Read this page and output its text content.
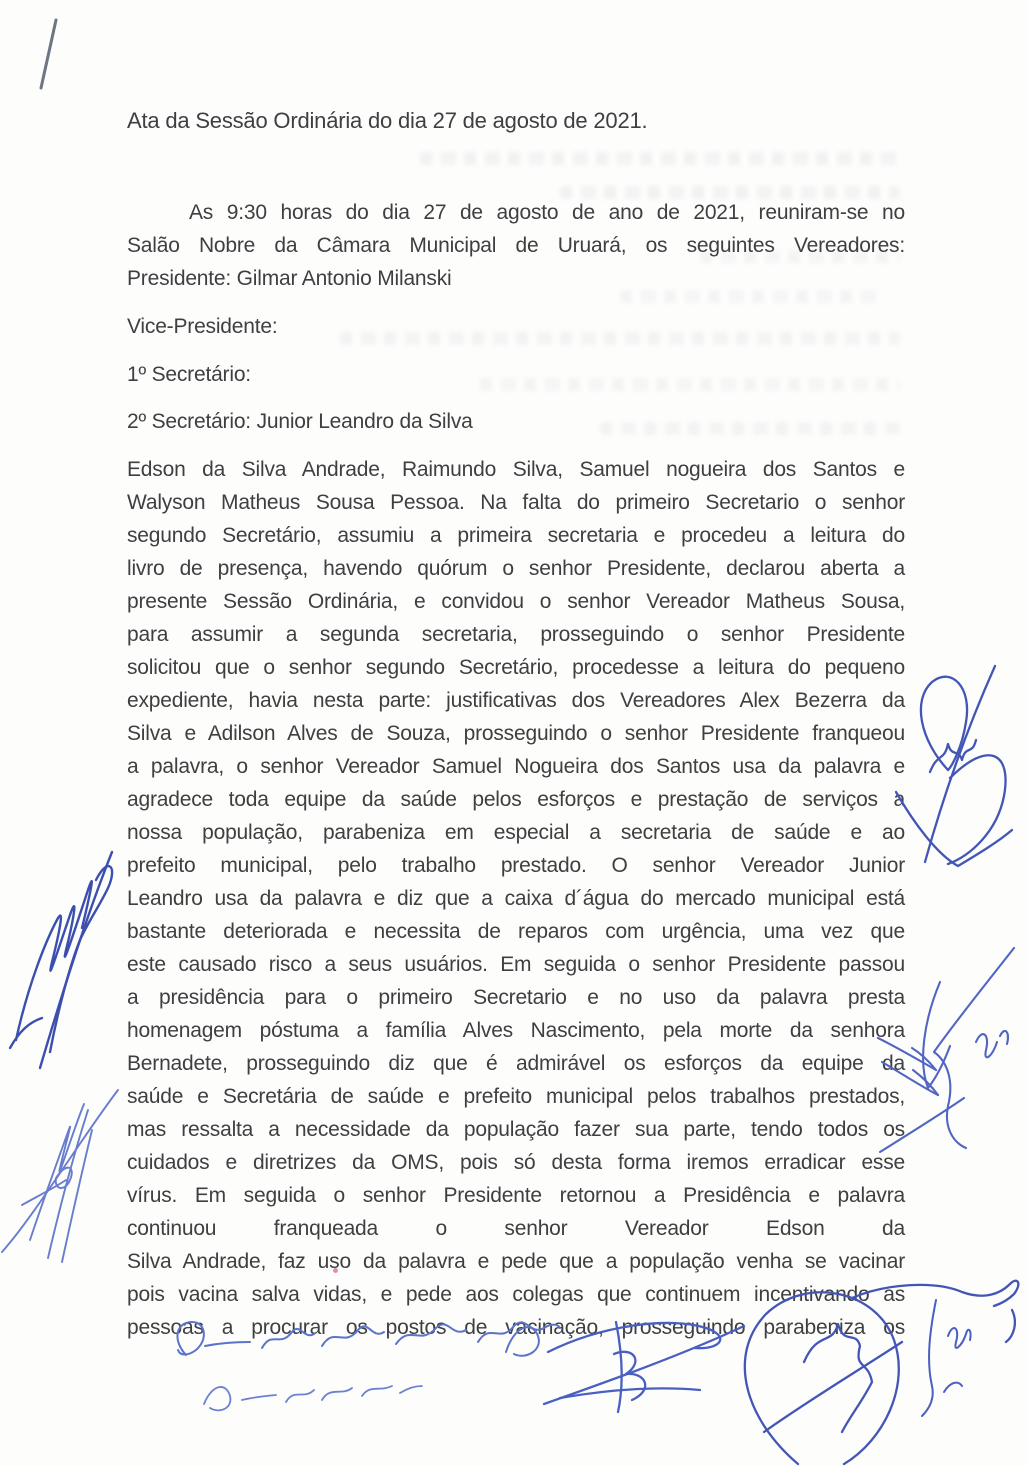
Ata da Sessão Ordinária do dia 27 de agosto de 2021.
As 9:30 horas do dia 27 de agosto de ano de 2021, reuniram-se no
Salão Nobre da Câmara Municipal de Uruará, os seguintes Vereadores:
Presidente: Gilmar Antonio Milanski
Vice-Presidente:
1º Secretário:
2º Secretário: Junior Leandro da Silva
Edson da Silva Andrade, Raimundo Silva, Samuel nogueira dos Santos e
Walyson Matheus Sousa Pessoa. Na falta do primeiro Secretario o senhor
segundo Secretário, assumiu a primeira secretaria e procedeu a leitura do
livro de presença, havendo quórum o senhor Presidente, declarou aberta a
presente Sessão Ordinária, e convidou o senhor Vereador Matheus Sousa,
para assumir a segunda secretaria, prosseguindo o senhor Presidente
solicitou que o senhor segundo Secretário, procedesse a leitura do pequeno
expediente, havia nesta parte: justificativas dos Vereadores Alex Bezerra da
Silva e Adilson Alves de Souza, prosseguindo o senhor Presidente franqueou
a palavra, o senhor Vereador Samuel Nogueira dos Santos usa da palavra e
agradece toda equipe da saúde pelos esforços e prestação de serviços a
nossa população, parabeniza em especial a secretaria de saúde e ao
prefeito municipal, pelo trabalho prestado. O senhor Vereador Junior
Leandro usa da palavra e diz que a caixa d´água do mercado municipal está
bastante deteriorada e necessita de reparos com urgência, uma vez que
este causado risco a seus usuários. Em seguida o senhor Presidente passou
a presidência para o primeiro Secretario e no uso da palavra presta
homenagem póstuma a família Alves Nascimento, pela morte da senhora
Bernadete, prosseguindo diz que é admirável os esforços da equipe da
saúde e Secretária de saúde e prefeito municipal pelos trabalhos prestados,
mas ressalta a necessidade da população fazer sua parte, tendo todos os
cuidados e diretrizes da OMS, pois só desta forma iremos erradicar esse
vírus. Em seguida o senhor Presidente retornou a Presidência e palavra
continuou franqueada o senhor Vereador Edson da
Silva Andrade, faz uso da palavra e pede que a população venha se vacinar
pois vacina salva vidas, e pede aos colegas que continuem incentivando as
pessoas a procurar os postos de vacinação, prosseguindo parabeniza os
